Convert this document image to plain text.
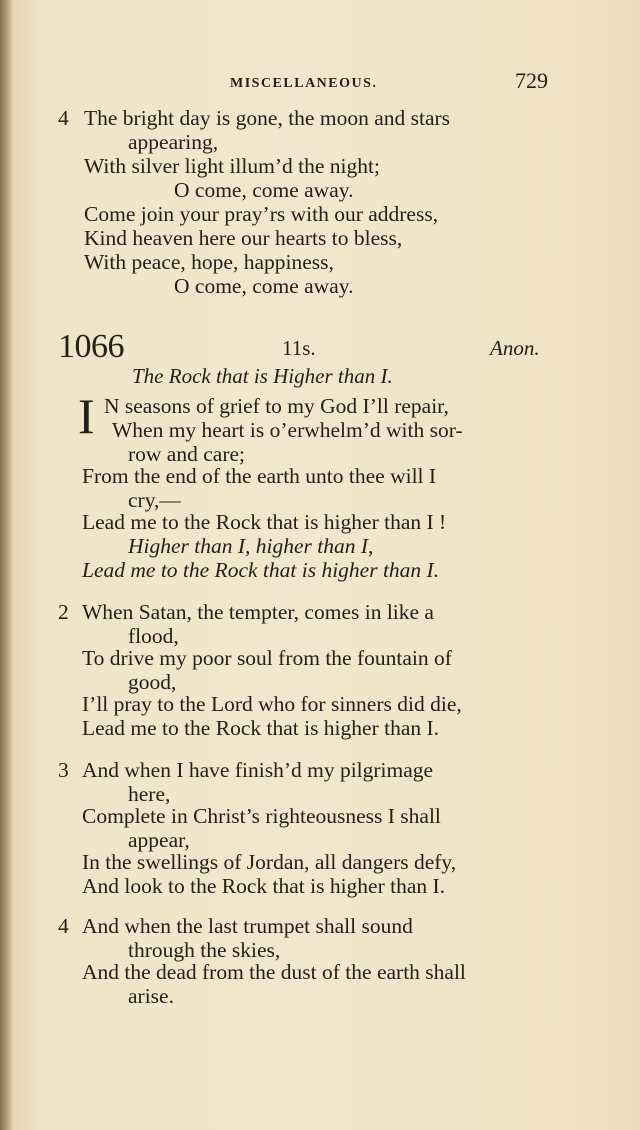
MISCELLANEOUS.	729
4 The bright day is gone, the moon and stars
appearing,
With silver light illum’d the night;
O come, come away.
Come join your pray’rs with our address,
Kind heaven here our hearts to bless,
With peace, hope, happiness,
O come, come away.
1066	11s.	Anon.
The Rock that is Higher than I.
I N seasons of grief to my God I’ll repair,
When my heart is o’erwhelm’d with sor-
row and care;
From the end of the earth unto thee will I
cry,—
Lead me to the Rock that is higher than I !
Higher than I, higher than I,
Lead me to the Rock that is higher than I.
2 When Satan, the tempter, comes in like a
flood,
To drive my poor soul from the fountain of
good,
I’ll pray to the Lord who for sinners did die,
Lead me to the Rock that is higher than I.
3 And when I have finish’d my pilgrimage
here,
Complete in Christ’s righteousness I shall
appear,
In the swellings of Jordan, all dangers defy,
And look to the Rock that is higher than I.
4 And when the last trumpet shall sound
through the skies,
And the dead from the dust of the earth shall
arise.
